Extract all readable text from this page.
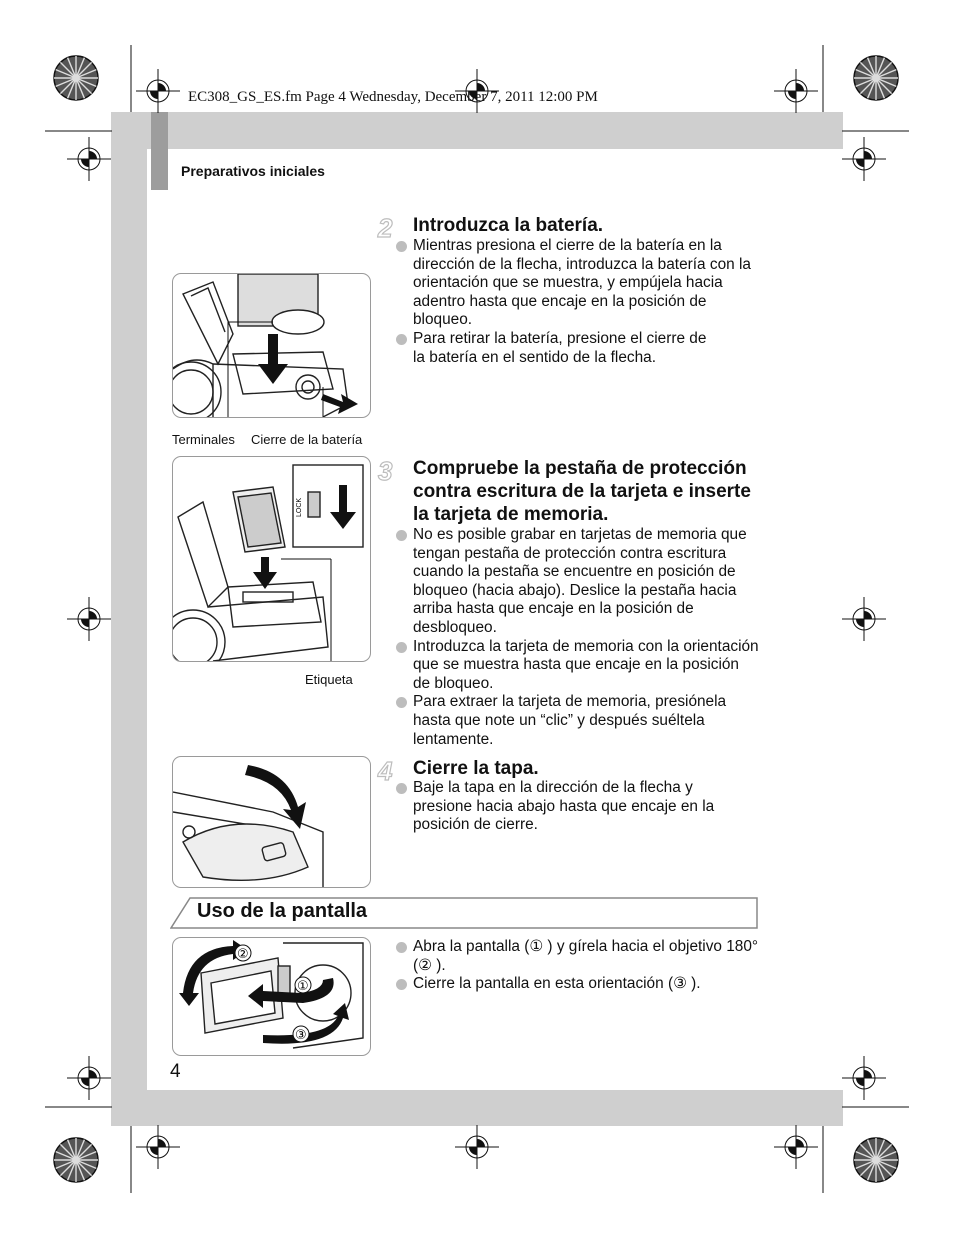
EC308_GS_ES.fm Page 4 Wednesday, December 7, 2011 12:00 PM
Preparativos iniciales
2	Introduzca la batería.
Mientras presiona el cierre de la batería en la dirección de la flecha, introduzca la batería con la orientación que se muestra, y empújela hacia adentro hasta que encaje en la posición de bloqueo.
Para retirar la batería, presione el cierre de la batería en el sentido de la flecha.
Terminales Cierre de la batería
3	Compruebe la pestaña de protección contra escritura de la tarjeta e inserte la tarjeta de memoria.
No es posible grabar en tarjetas de memoria que tengan pestaña de protección contra escritura cuando la pestaña se encuentre en posición de bloqueo (hacia abajo). Deslice la pestaña hacia arriba hasta que encaje en la posición de desbloqueo.
Introduzca la tarjeta de memoria con la orientación que se muestra hasta que encaje en la posición de bloqueo.
Para extraer la tarjeta de memoria, presiónela hasta que note un “clic” y después suéltela lentamente.
LOCK
Etiqueta
4	Cierre la tapa.
Baje la tapa en la dirección de la flecha y presione hacia abajo hasta que encaje en la posición de cierre.
Uso de la pantalla
Abra la pantalla (① ) y gírela hacia el objetivo 180° (② ).
Cierre la pantalla en esta orientación (③ ).
②
①
③
4
